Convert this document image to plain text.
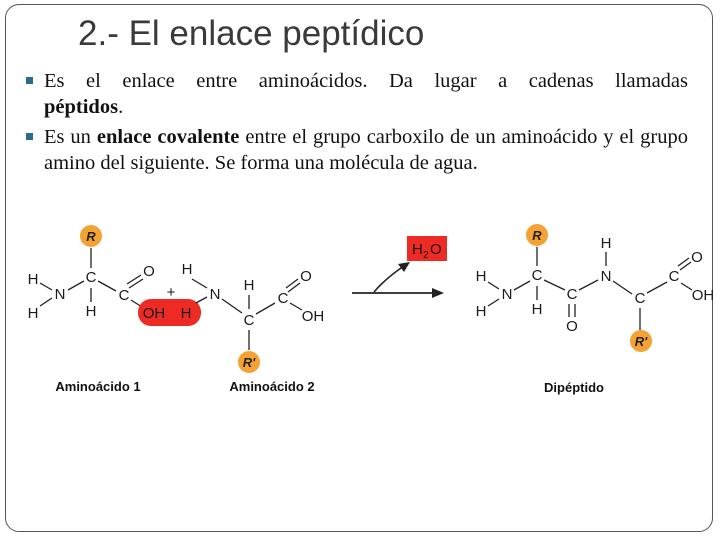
2.- El enlace peptídico
Es el enlace entre aminoácidos. Da lugar a cadenas llamadas
péptidos.
Es un enlace covalente entre el grupo carboxilo de un aminoácido y el grupo amino del siguiente. Se forma una molécula de agua.
R
C
H
N
H
H
C
O
OH H
+
H
N
H
C
R'
C
O
OH
Aminoácido 1	Aminoácido 2	Dipéptido
H 2 O
H
H
N
R
C
H
C
O
N
H
C
R'
C
O
OH
